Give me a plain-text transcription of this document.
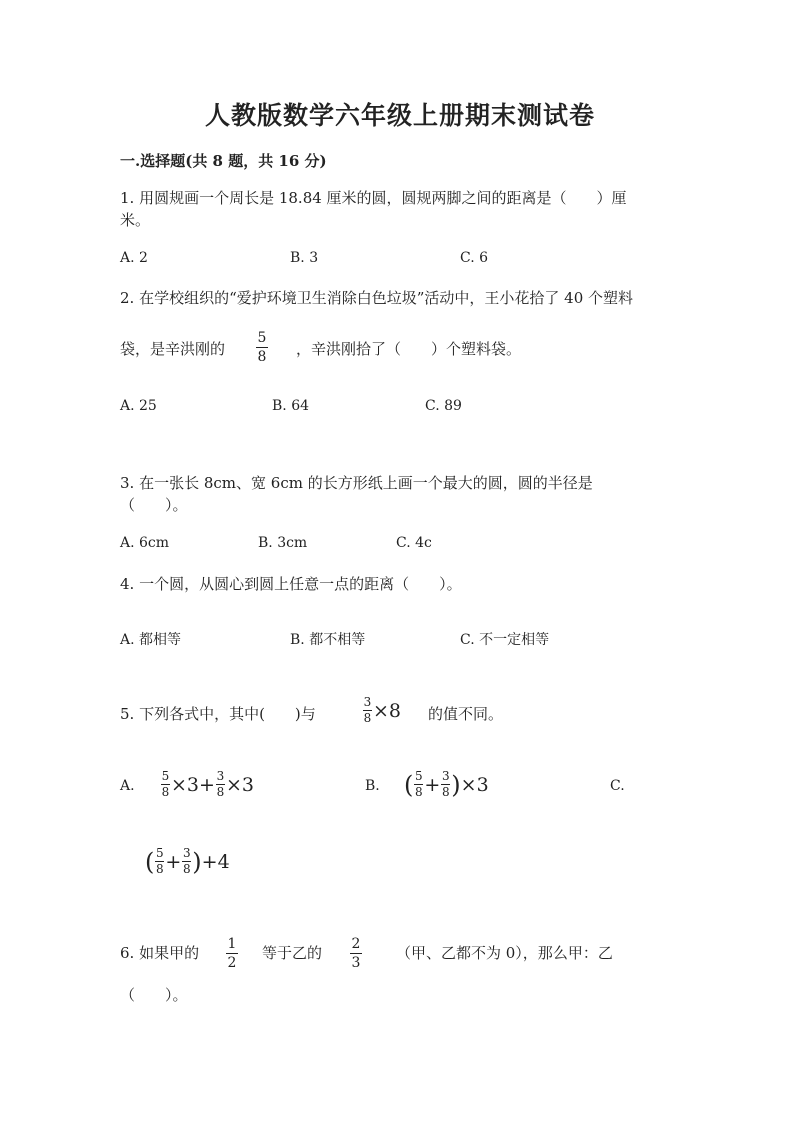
人教版数学六年级上册期末测试卷
一.选择题(共 8 题，共 16 分)
1. 用圆规画一个周长是 18.84 厘米的圆，圆规两脚之间的距离是（　　）厘
米。
A. 2	B. 3	C. 6
2. 在学校组织的“爱护环境卫生消除白色垃圾”活动中，王小花拾了 40 个塑料
袋，是辛洪刚的
5
8 ，辛洪刚拾了（　　）个塑料袋。
A. 25	B. 64	C. 89
3. 在一张长 8cm、宽 6cm 的长方形纸上画一个最大的圆，圆的半径是
（　　）。
A. 6cm	B. 3cm	C. 4c
4. 一个圆，从圆心到圆上任意一点的距离（　　）。
A. 都相等	B. 都不相等	C. 不一定相等
5. 下列各式中，其中(　　)与
3
8 ×8 的值不同。
A.
5
8 ×3+ 3
8 ×3	B. ( 5
8 + 3
8 ) ×3	C.
( 5
8 + 3
8 ) +4
6. 如果甲的 1
2
等于乙的 2
3
（甲、乙都不为 0），那么甲：乙
（　　）。
